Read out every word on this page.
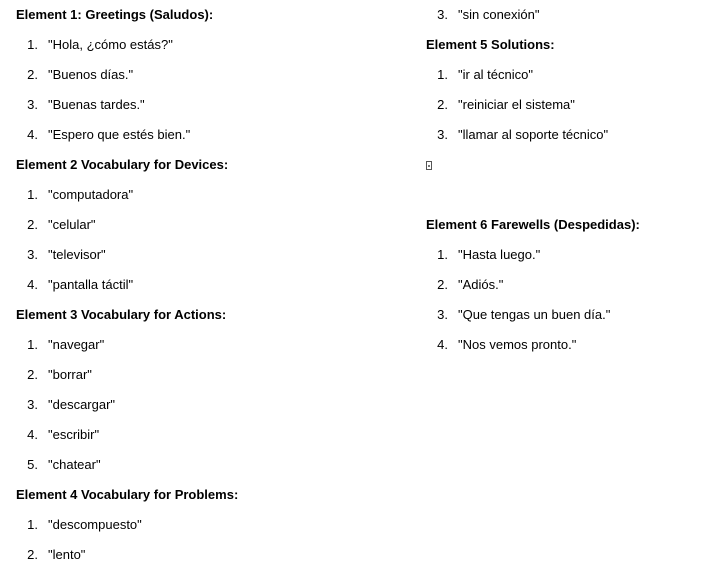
Element 1: Greetings (Saludos):
1. "Hola, ¿cómo estás?"
2. "Buenos días."
3. "Buenas tardes."
4. "Espero que estés bien."
Element 2 Vocabulary for Devices:
1. "computadora"
2. "celular"
3. "televisor"
4. "pantalla táctil"
Element 3 Vocabulary for Actions:
1. "navegar"
2. "borrar"
3. "descargar"
4. "escribir"
5. "chatear"
Element 4 Vocabulary for Problems:
1. "descompuesto"
2. "lento"
3. "sin conexión"
Element 5 Solutions:
1. "ir al técnico"
2. "reiniciar el sistema"
3. "llamar al soporte técnico"
Element 6 Farewells (Despedidas):
1. "Hasta luego."
2. "Adiós."
3. "Que tengas un buen día."
4. "Nos vemos pronto."
